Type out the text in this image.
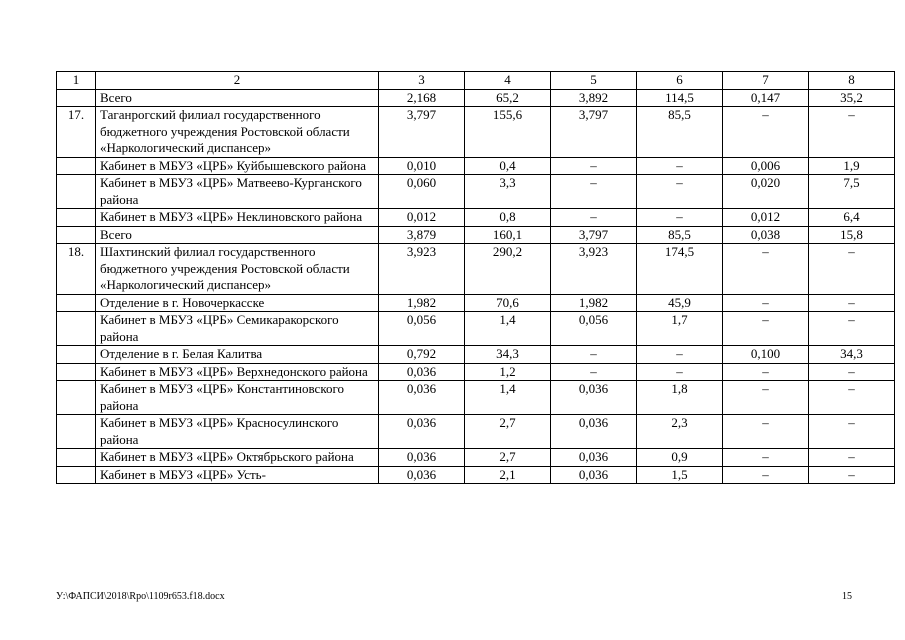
1	2	3	4	5	6	7	8
	Всего	2,168	65,2	3,892	114,5	0,147	35,2
17.	Таганрогский филиал государственного бюджетного учреждения Ростовской области «Наркологический диспансер»	3,797	155,6	3,797	85,5	–	–
	Кабинет в МБУЗ «ЦРБ» Куйбышевского района	0,010	0,4	–	–	0,006	1,9
	Кабинет в МБУЗ «ЦРБ» Матвеево-Курганского района	0,060	3,3	–	–	0,020	7,5
	Кабинет в МБУЗ «ЦРБ» Неклиновского района	0,012	0,8	–	–	0,012	6,4
	Всего	3,879	160,1	3,797	85,5	0,038	15,8
18.	Шахтинский филиал государственного бюджетного учреждения Ростовской области «Наркологический диспансер»	3,923	290,2	3,923	174,5	–	–
	Отделение в г. Новочеркасске	1,982	70,6	1,982	45,9	–	–
	Кабинет в МБУЗ «ЦРБ» Семикаракорского района	0,056	1,4	0,056	1,7	–	–
	Отделение в г. Белая Калитва	0,792	34,3	–	–	0,100	34,3
	Кабинет в МБУЗ «ЦРБ» Верхнедонского района	0,036	1,2	–	–	–	–
	Кабинет в МБУЗ «ЦРБ» Константиновского района	0,036	1,4	0,036	1,8	–	–
	Кабинет в МБУЗ «ЦРБ» Красносулинского района	0,036	2,7	0,036	2,3	–	–
	Кабинет в МБУЗ «ЦРБ» Октябрьского района	0,036	2,7	0,036	0,9	–	–
	Кабинет в МБУЗ «ЦРБ» Усть-	0,036	2,1	0,036	1,5	–	–
У:\ФАПСИ\2018\Rpo\1109r653.f18.docx	15
